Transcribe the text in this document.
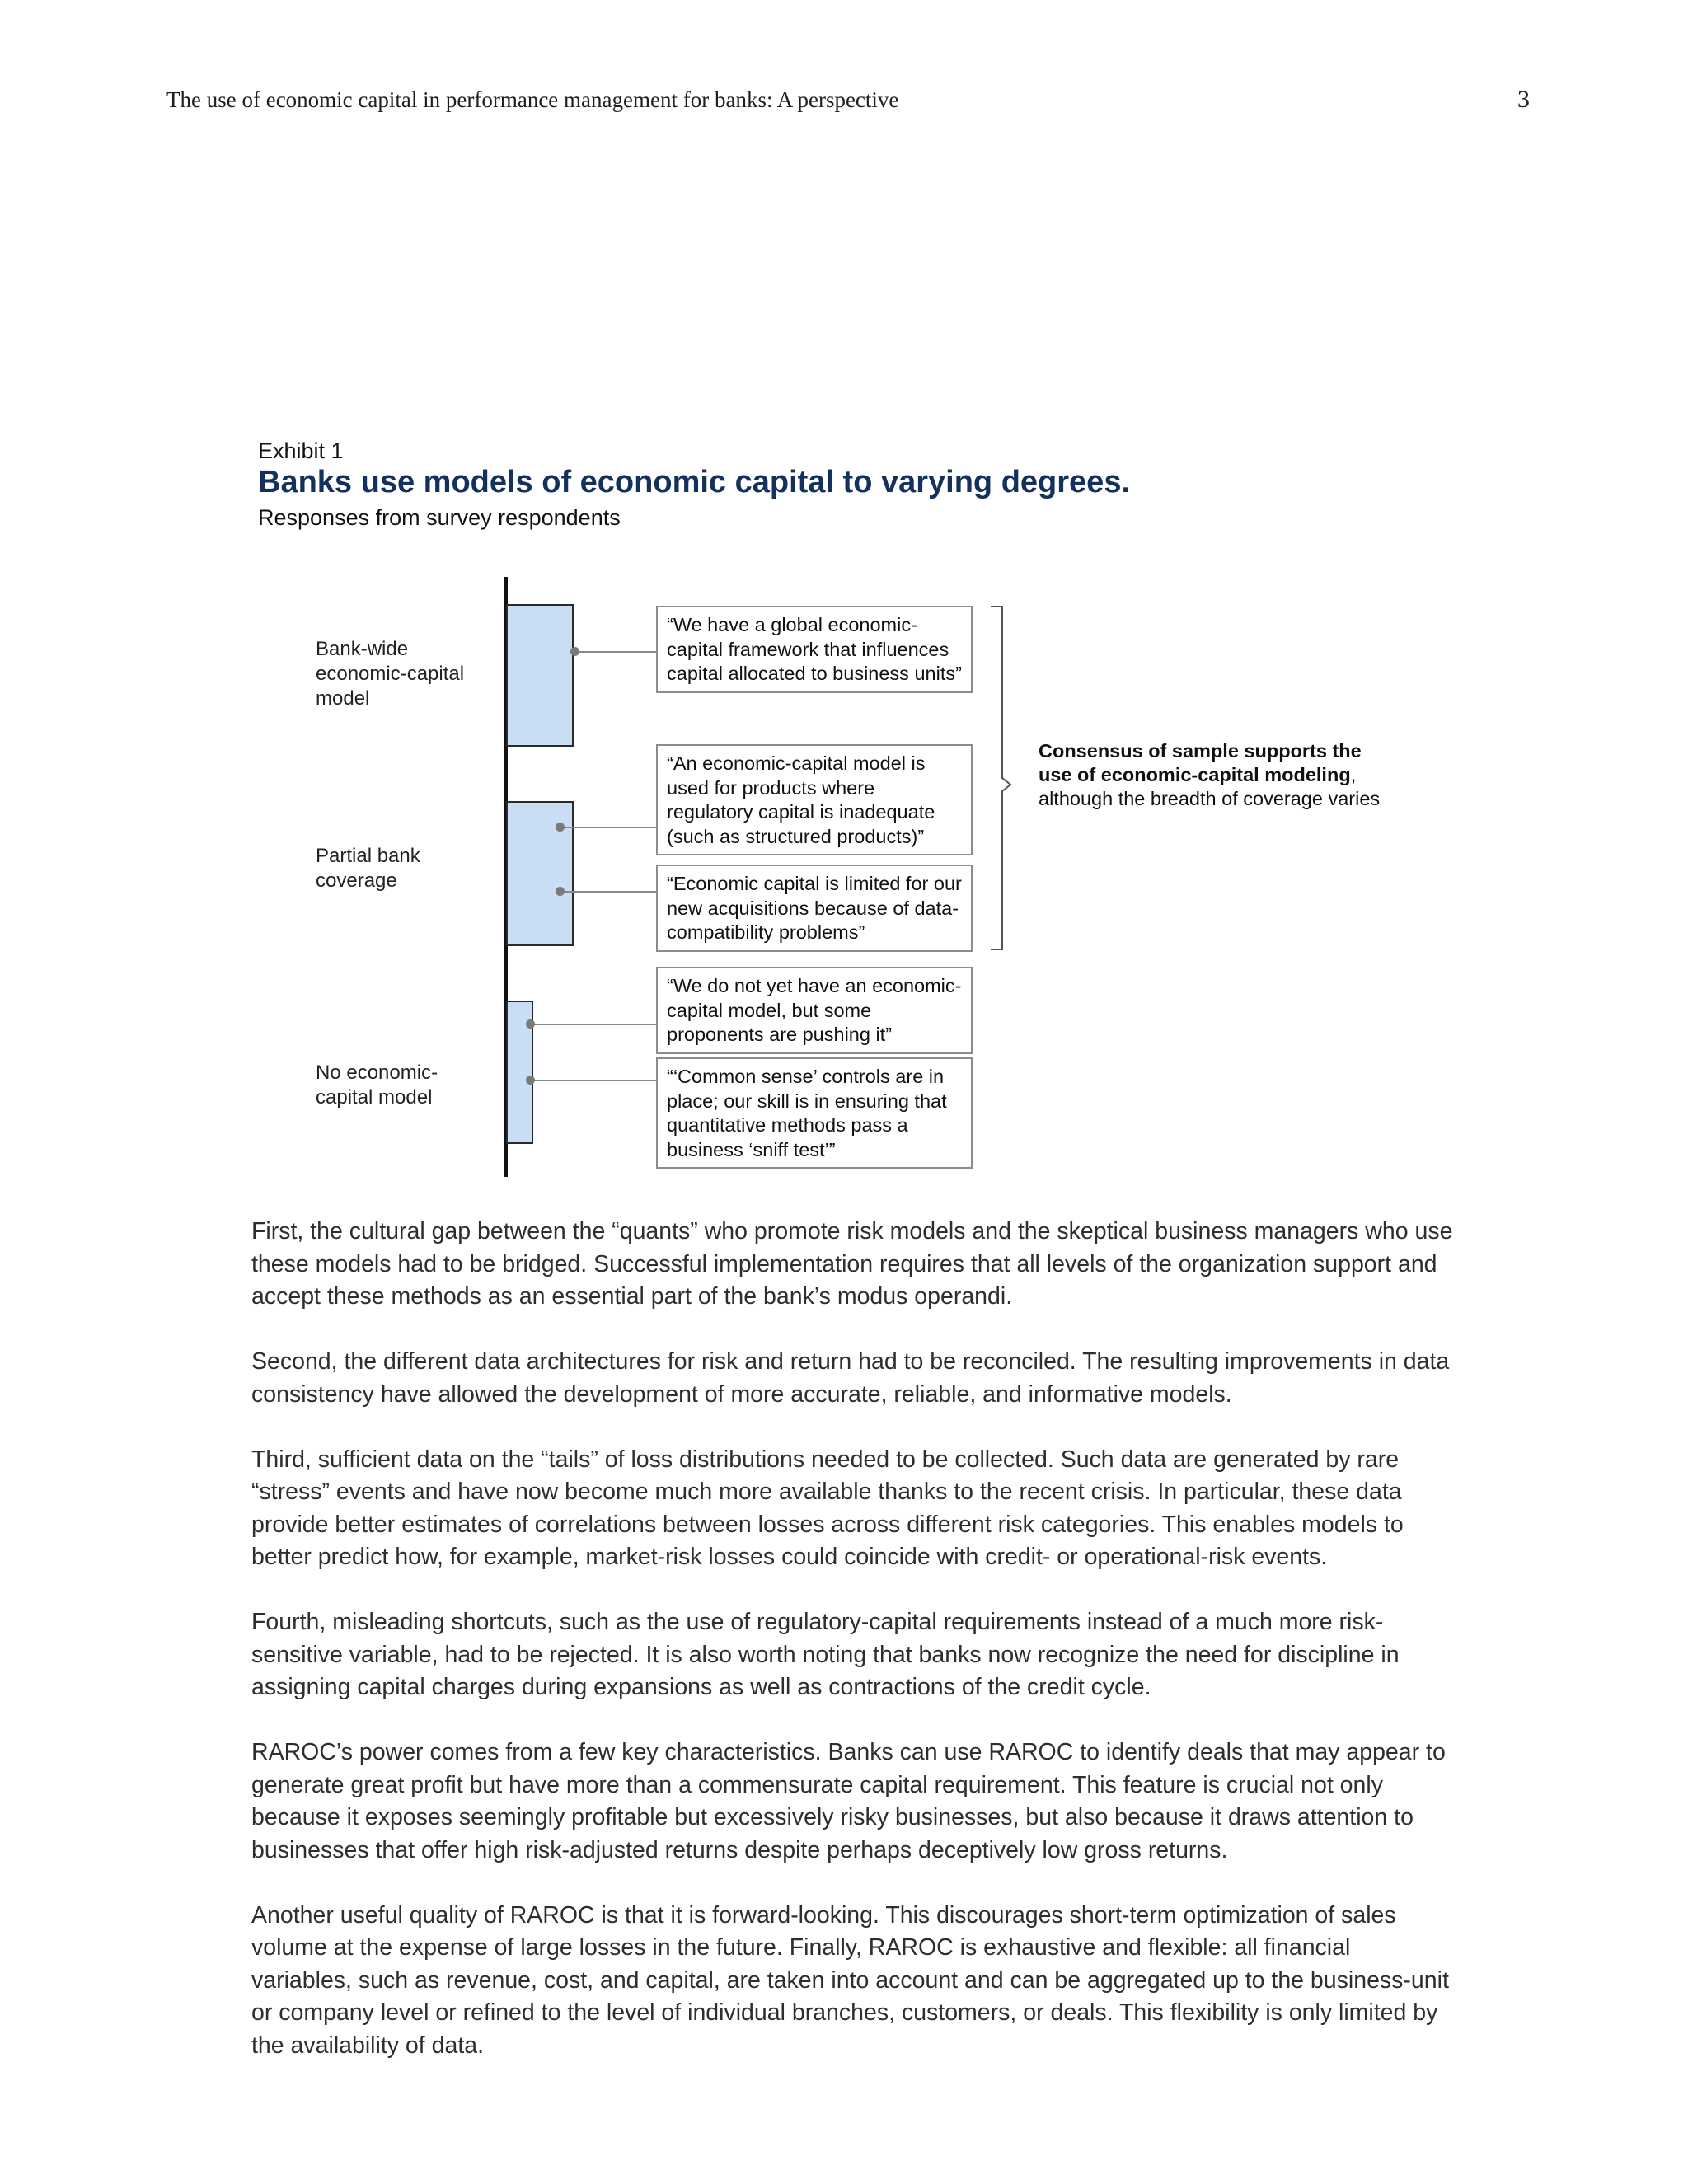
The use of economic capital in performance management for banks: A perspective	3
Exhibit 1
Banks use models of economic capital to varying degrees.
Responses from survey respondents
Bank-wide economic-capital model
Partial bank coverage
No economic-capital model
“We have a global economic-capital framework that influences capital allocated to business units”
“An economic-capital model is used for products where regulatory capital is inadequate (such as structured products)”
“Economic capital is limited for our new acquisitions because of data-compatibility problems”
“We do not yet have an economic-capital model, but some proponents are pushing it”
“‘Common sense’ controls are in place; our skill is in ensuring that quantitative methods pass a business ‘sniff test’”
Consensus of sample supports the use of economic-capital modeling, although the breadth of coverage varies

First, the cultural gap between the “quants” who promote risk models and the skeptical business managers who use these models had to be bridged. Successful implementation requires that all levels of the organization support and accept these methods as an essential part of the bank’s modus operandi.

Second, the different data architectures for risk and return had to be reconciled. The resulting improvements in data consistency have allowed the development of more accurate, reliable, and informative models.

Third, sufficient data on the “tails” of loss distributions needed to be collected. Such data are generated by rare “stress” events and have now become much more available thanks to the recent crisis. In particular, these data provide better estimates of correlations between losses across different risk categories. This enables models to better predict how, for example, market-risk losses could coincide with credit- or operational-risk events.

Fourth, misleading shortcuts, such as the use of regulatory-capital requirements instead of a much more risk-sensitive variable, had to be rejected. It is also worth noting that banks now recognize the need for discipline in assigning capital charges during expansions as well as contractions of the credit cycle.

RAROC’s power comes from a few key characteristics. Banks can use RAROC to identify deals that may appear to generate great profit but have more than a commensurate capital requirement. This feature is crucial not only because it exposes seemingly profitable but excessively risky businesses, but also because it draws attention to businesses that offer high risk-adjusted returns despite perhaps deceptively low gross returns.

Another useful quality of RAROC is that it is forward-looking. This discourages short-term optimization of sales volume at the expense of large losses in the future. Finally, RAROC is exhaustive and flexible: all financial variables, such as revenue, cost, and capital, are taken into account and can be aggregated up to the business-unit or company level or refined to the level of individual branches, customers, or deals. This flexibility is only limited by the availability of data.
